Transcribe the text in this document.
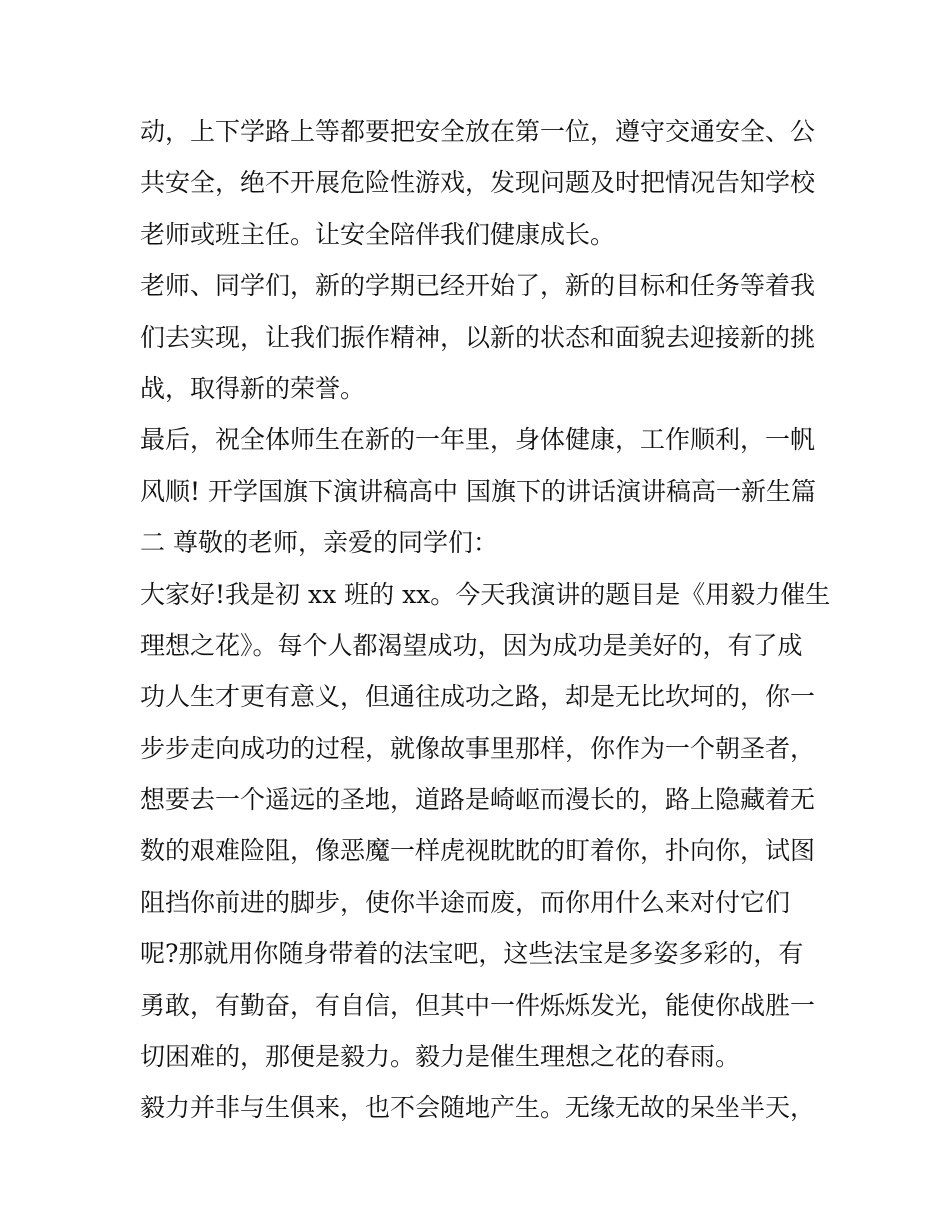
动，上下学路上等都要把安全放在第一位，遵守交通安全、公
共安全，绝不开展危险性游戏，发现问题及时把情况告知学校
老师或班主任。让安全陪伴我们健康成长。
老师、同学们，新的学期已经开始了，新的目标和任务等着我
们去实现，让我们振作精神，以新的状态和面貌去迎接新的挑
战，取得新的荣誉。
最后，祝全体师生在新的一年里，身体健康，工作顺利，一帆
风顺! 开学国旗下演讲稿高中 国旗下的讲话演讲稿高一新生篇
二 尊敬的老师，亲爱的同学们：
大家好!我是初 xx 班的 xx。今天我演讲的题目是《用毅力催生
理想之花》。每个人都渴望成功，因为成功是美好的，有了成
功人生才更有意义，但通往成功之路，却是无比坎坷的，你一
步步走向成功的过程，就像故事里那样，你作为一个朝圣者，
想要去一个遥远的圣地，道路是崎岖而漫长的，路上隐藏着无
数的艰难险阻，像恶魔一样虎视眈眈的盯着你，扑向你，试图
阻挡你前进的脚步，使你半途而废，而你用什么来对付它们
呢?那就用你随身带着的法宝吧，这些法宝是多姿多彩的，有
勇敢，有勤奋，有自信，但其中一件烁烁发光，能使你战胜一
切困难的，那便是毅力。毅力是催生理想之花的春雨。
毅力并非与生俱来，也不会随地产生。无缘无故的呆坐半天，
